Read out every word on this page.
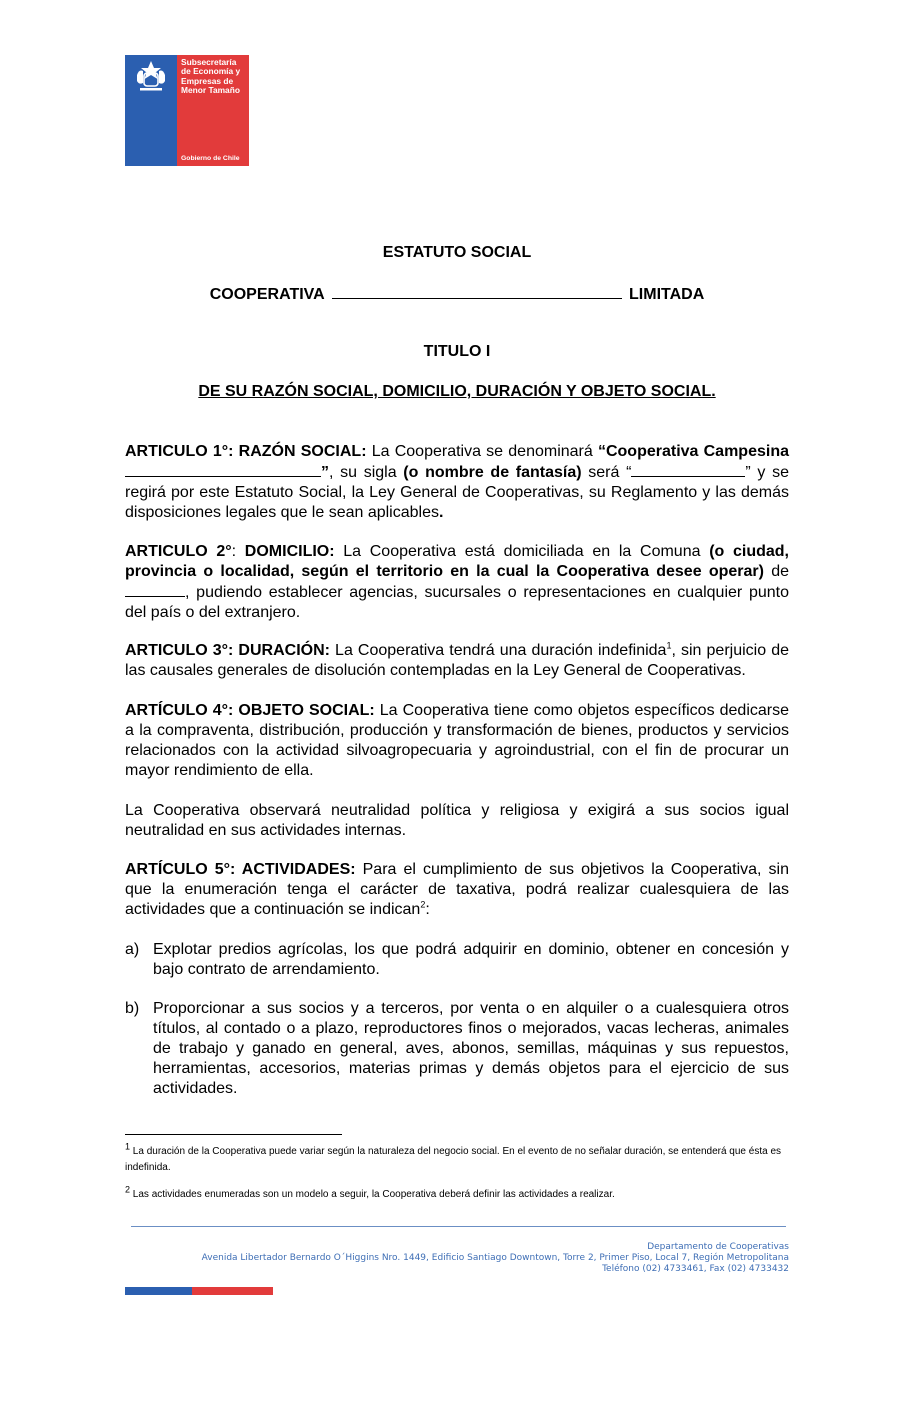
Subsecretaría
de Economía y
Empresas de
Menor Tamaño
Gobierno de Chile
ESTATUTO SOCIAL
COOPERATIVA	LIMITADA
TITULO I
DE SU RAZÓN SOCIAL, DOMICILIO, DURACIÓN Y OBJETO SOCIAL.
ARTICULO 1°: RAZÓN SOCIAL: La Cooperativa se denominará “Cooperativa Campesina ”, su sigla (o nombre de fantasía) será “	” y se regirá por este Estatuto Social, la Ley General de Cooperativas, su Reglamento y las demás disposiciones legales que le sean aplicables.
ARTICULO 2°: DOMICILIO: La Cooperativa está domiciliada en la Comuna (o ciudad, provincia o localidad, según el territorio en la cual la Cooperativa desee operar) de , pudiendo establecer agencias, sucursales o representaciones en cualquier punto del país o del extranjero.
ARTICULO 3°: DURACIÓN: La Cooperativa tendrá una duración indefinida$^1$, sin perjuicio de las causales generales de disolución contempladas en la Ley General de Cooperativas.
ARTÍCULO 4°: OBJETO SOCIAL: La Cooperativa tiene como objetos específicos dedicarse a la compraventa, distribución, producción y transformación de bienes, productos y servicios relacionados con la actividad silvoagropecuaria y agroindustrial, con el fin de procurar un mayor rendimiento de ella.
La Cooperativa observará neutralidad política y religiosa y exigirá a sus socios igual neutralidad en sus actividades internas.
ARTÍCULO 5°: ACTIVIDADES: Para el cumplimiento de sus objetivos la Cooperativa, sin que la enumeración tenga el carácter de taxativa, podrá realizar cualesquiera de las actividades que a continuación se indican$^2$:
a) Explotar predios agrícolas, los que podrá adquirir en dominio, obtener en concesión y bajo contrato de arrendamiento.
b) Proporcionar a sus socios y a terceros, por venta o en alquiler o a cualesquiera otros títulos, al contado o a plazo, reproductores finos o mejorados, vacas lecheras, animales de trabajo y ganado en general, aves, abonos, semillas, máquinas y sus repuestos, herramientas, accesorios, materias primas y demás objetos para el ejercicio de sus actividades.
$^1$ La duración de la Cooperativa puede variar según la naturaleza del negocio social. En el evento de no señalar duración, se entenderá que ésta es indefinida.
$^2$ Las actividades enumeradas son un modelo a seguir, la Cooperativa deberá definir las actividades a realizar.
Departamento de Cooperativas
Avenida Libertador Bernardo O´Higgins Nro. 1449, Edificio Santiago Downtown, Torre 2, Primer Piso, Local 7, Región Metropolitana
Teléfono (02) 4733461, Fax (02) 4733432
